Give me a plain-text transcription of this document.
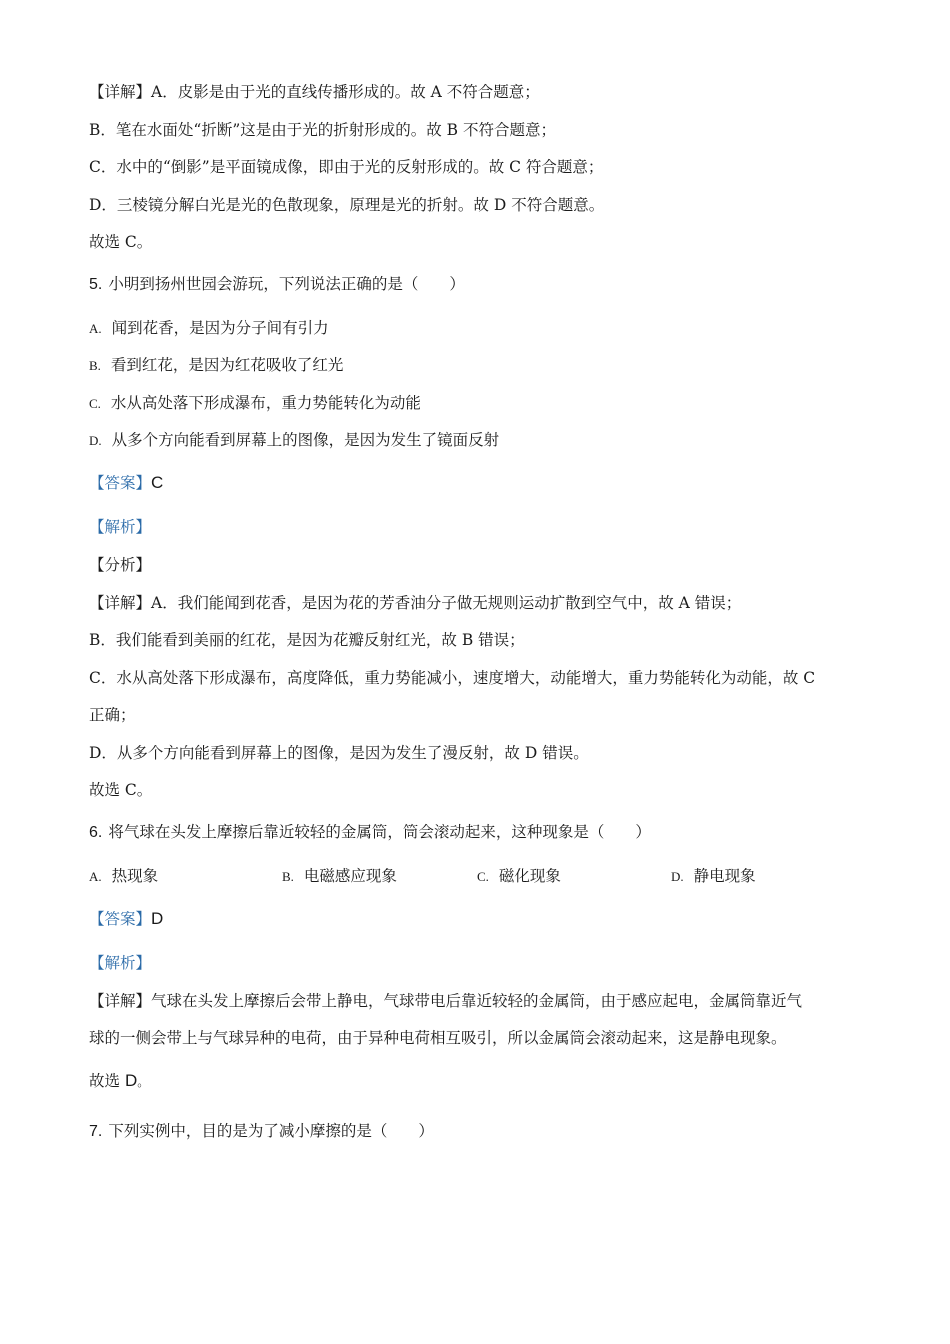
【详解】A．皮影是由于光的直线传播形成的。故 A 不符合题意；
B．笔在水面处“折断”这是由于光的折射形成的。故 B 不符合题意；
C．水中的“倒影”是平面镜成像，即由于光的反射形成的。故 C 符合题意；
D．三棱镜分解白光是光的色散现象，原理是光的折射。故 D 不符合题意。
故选 C。
5. 小明到扬州世园会游玩，下列说法正确的是（　　）
A. 闻到花香，是因为分子间有引力
B. 看到红花，是因为红花吸收了红光
C. 水从高处落下形成瀑布，重力势能转化为动能
D. 从多个方向能看到屏幕上的图像，是因为发生了镜面反射
【答案】C
【解析】
【分析】
【详解】A．我们能闻到花香，是因为花的芳香油分子做无规则运动扩散到空气中，故 A 错误；
B．我们能看到美丽的红花，是因为花瓣反射红光，故 B 错误；
C．水从高处落下形成瀑布，高度降低，重力势能减小，速度增大，动能增大，重力势能转化为动能，故 C
正确；
D．从多个方向能看到屏幕上的图像，是因为发生了漫反射，故 D 错误。
故选 C。
6. 将气球在头发上摩擦后靠近较轻的金属筒，筒会滚动起来，这种现象是（　　）
A. 热现象	B. 电磁感应现象	C. 磁化现象	D. 静电现象
【答案】D
【解析】
【详解】气球在头发上摩擦后会带上静电，气球带电后靠近较轻的金属筒，由于感应起电，金属筒靠近气
球的一侧会带上与气球异种的电荷，由于异种电荷相互吸引，所以金属筒会滚动起来，这是静电现象。
故选 D。
7. 下列实例中，目的是为了减小摩擦的是（　　）
